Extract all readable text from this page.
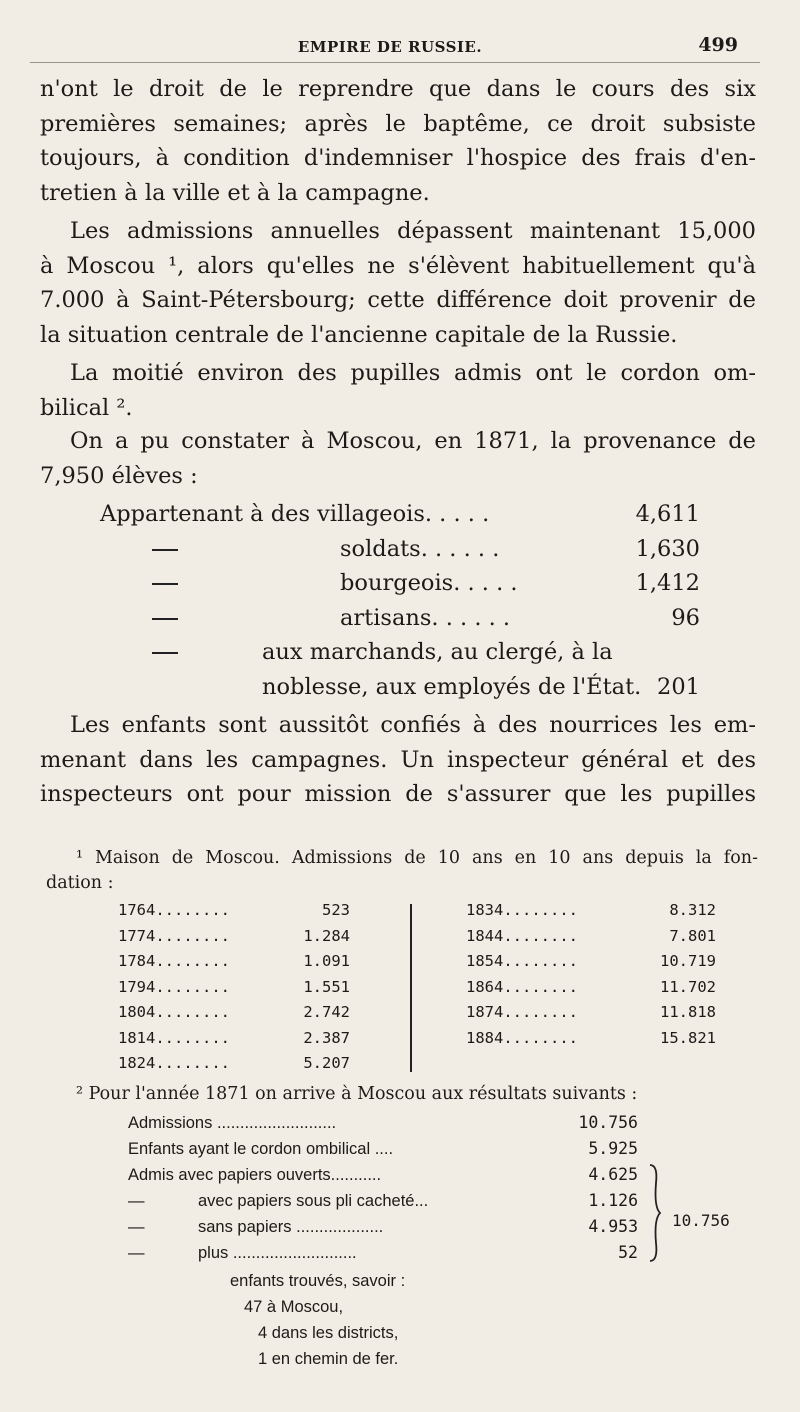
EMPIRE DE RUSSIE.	499

n'ont le droit de le reprendre que dans le cours des six

premières semaines; après le baptême, ce droit subsiste

toujours, à condition d'indemniser l'hospice des frais d'en-

tretien à la ville et à la campagne.

Les admissions annuelles dépassent maintenant 15,000

à Moscou ¹, alors qu'elles ne s'élèvent habituellement qu'à

7.000 à Saint-Pétersbourg; cette différence doit provenir de

la situation centrale de l'ancienne capitale de la Russie.

La moitié environ des pupilles admis ont le cordon om-

bilical ².

On a pu constater à Moscou, en 1871, la provenance de

7,950 élèves :

Appartenant à des villageois. . . . .	4,611
soldats. . . . . .	1,630
bourgeois. . . . .	1,412
artisans. . . . . .	96
aux marchands, au clergé, à la
noblesse, aux employés de l'État. 201

Les enfants sont aussitôt confiés à des nourrices les em-

menant dans les campagnes. Un inspecteur général et des

inspecteurs ont pour mission de s'assurer que les pupilles

¹ Maison de Moscou. Admissions de 10 ans en 10 ans depuis la fon-

dation :

1764........	523
1774........	1.284
1784........	1.091
1794........	1.551
1804........	2.742
1814........	2.387
1824........	5.207
1834........	8.312
1844........	7.801
1854........	10.719
1864........	11.702
1874........	11.818
1884........	15.821
² Pour l'année 1871 on arrive à Moscou aux résultats suivants :
Admissions ..........................	10.756
Enfants ayant le cordon ombilical ....	5.925
Admis avec papiers ouverts...........	4.625
—	avec papiers sous pli cacheté...	1.126
—	sans papiers ...................	4.953
—	plus ...........................	52
10.756
enfants trouvés, savoir :
47 à Moscou,
4 dans les districts,
1 en chemin de fer.
